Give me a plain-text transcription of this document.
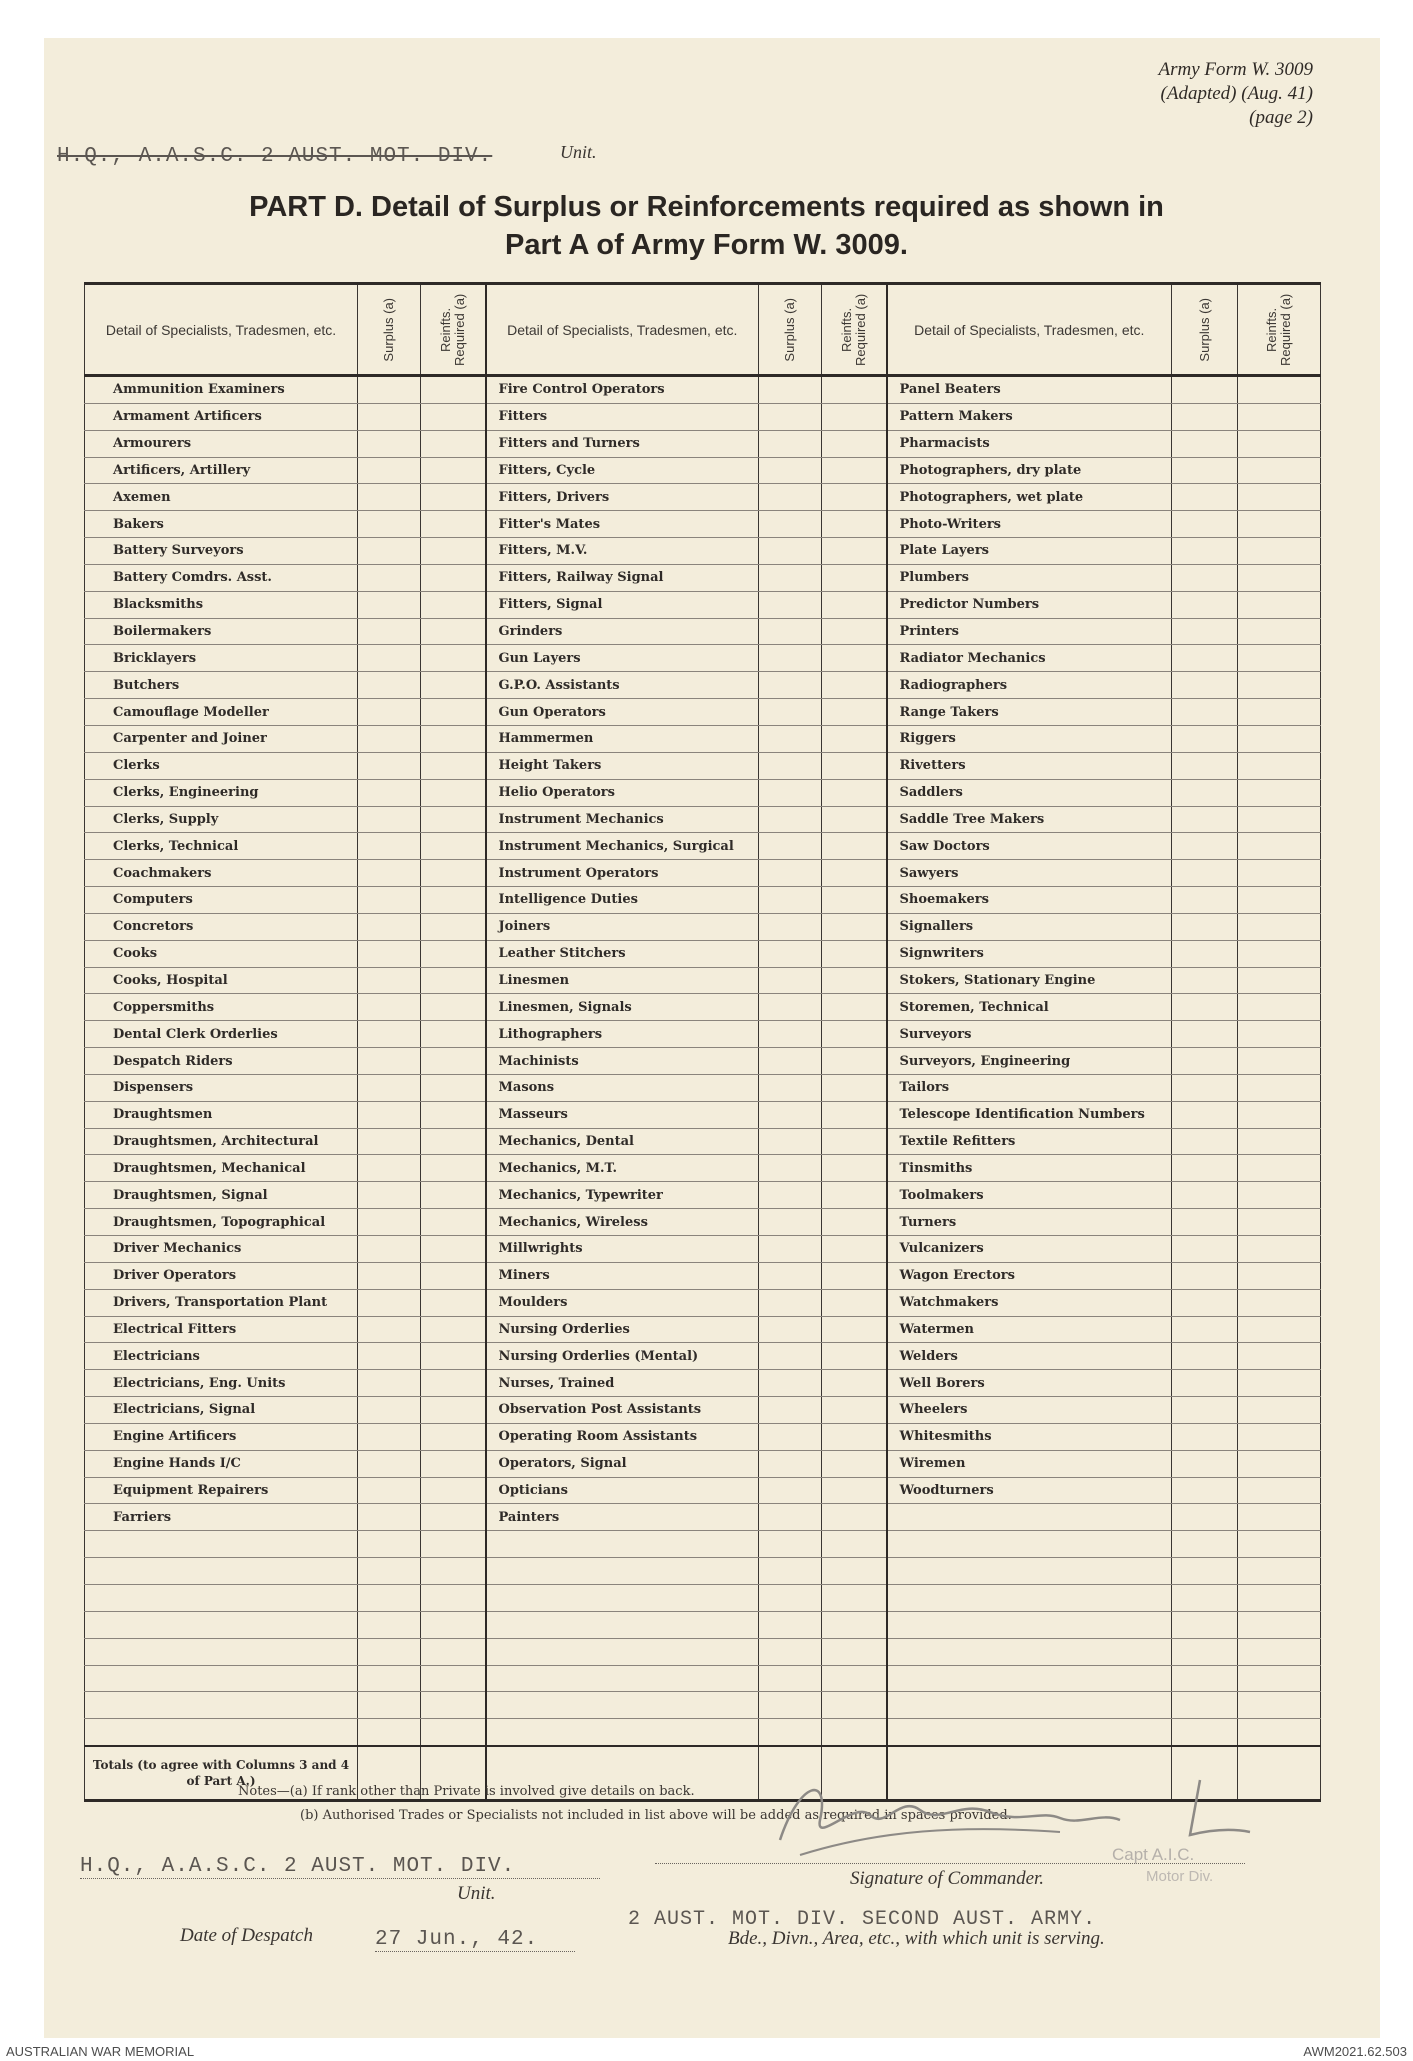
Army Form W. 3009
(Adapted) (Aug. 41)
(page 2)
H.Q., A.A.S.C. 2 AUST. MOT. DIV.	Unit.
PART D. Detail of Surplus or Reinforcements required as shown in
Part A of Army Form W. 3009.
Detail of Specialists, Tradesmen, etc.	Surplus (a)	Reinfts. Required (a)	Detail of Specialists, Tradesmen, etc.	Surplus (a)	Reinfts. Required (a)	Detail of Specialists, Tradesmen, etc.	Surplus (a)	Reinfts. Required (a)

Ammunition Examiners			Fire Control Operators			Panel Beaters		
Armament Artificers			Fitters			Pattern Makers		
Armourers			Fitters and Turners			Pharmacists		
Artificers, Artillery			Fitters, Cycle			Photographers, dry plate		
Axemen			Fitters, Drivers			Photographers, wet plate		
Bakers			Fitter's Mates			Photo-Writers		
Battery Surveyors			Fitters, M.V.			Plate Layers		
Battery Comdrs. Asst.			Fitters, Railway Signal			Plumbers		
Blacksmiths			Fitters, Signal			Predictor Numbers		
Boilermakers			Grinders			Printers		
Bricklayers			Gun Layers			Radiator Mechanics		
Butchers			G.P.O. Assistants			Radiographers		
Camouflage Modeller			Gun Operators			Range Takers		
Carpenter and Joiner			Hammermen			Riggers		
Clerks			Height Takers			Rivetters		
Clerks, Engineering			Helio Operators			Saddlers		
Clerks, Supply			Instrument Mechanics			Saddle Tree Makers		
Clerks, Technical			Instrument Mechanics, Surgical			Saw Doctors		
Coachmakers			Instrument Operators			Sawyers		
Computers			Intelligence Duties			Shoemakers		
Concretors			Joiners			Signallers		
Cooks			Leather Stitchers			Signwriters		
Cooks, Hospital			Linesmen			Stokers, Stationary Engine		
Coppersmiths			Linesmen, Signals			Storemen, Technical		
Dental Clerk Orderlies			Lithographers			Surveyors		
Despatch Riders			Machinists			Surveyors, Engineering		
Dispensers			Masons			Tailors		
Draughtsmen			Masseurs			Telescope Identification Numbers		
Draughtsmen, Architectural			Mechanics, Dental			Textile Refitters		
Draughtsmen, Mechanical			Mechanics, M.T.			Tinsmiths		
Draughtsmen, Signal			Mechanics, Typewriter			Toolmakers		
Draughtsmen, Topographical			Mechanics, Wireless			Turners		
Driver Mechanics			Millwrights			Vulcanizers		
Driver Operators			Miners			Wagon Erectors		
Drivers, Transportation Plant			Moulders			Watchmakers		
Electrical Fitters			Nursing Orderlies			Watermen		
Electricians			Nursing Orderlies (Mental)			Welders		
Electricians, Eng. Units			Nurses, Trained			Well Borers		
Electricians, Signal			Observation Post Assistants			Wheelers		
Engine Artificers			Operating Room Assistants			Whitesmiths		
Engine Hands I/C			Operators, Signal			Wiremen		
Equipment Repairers			Opticians			Woodturners		
Farriers			Painters					

Totals (to agree with Columns 3 and 4 of Part A.)								
Notes—(a) If rank other than Private is involved give details on back.
(b) Authorised Trades or Specialists not included in list above will be added as required in spaces provided.
H.Q., A.A.S.C. 2 AUST. MOT. DIV.
Unit.
Capt A.I.C.
Motor Div.
Signature of Commander.
Date of Despatch	27 Jun., 42.
2 AUST. MOT. DIV. SECOND AUST. ARMY.
Bde., Divn., Area, etc., with which unit is serving.
AUSTRALIAN WAR MEMORIAL	AWM2021.62.503
